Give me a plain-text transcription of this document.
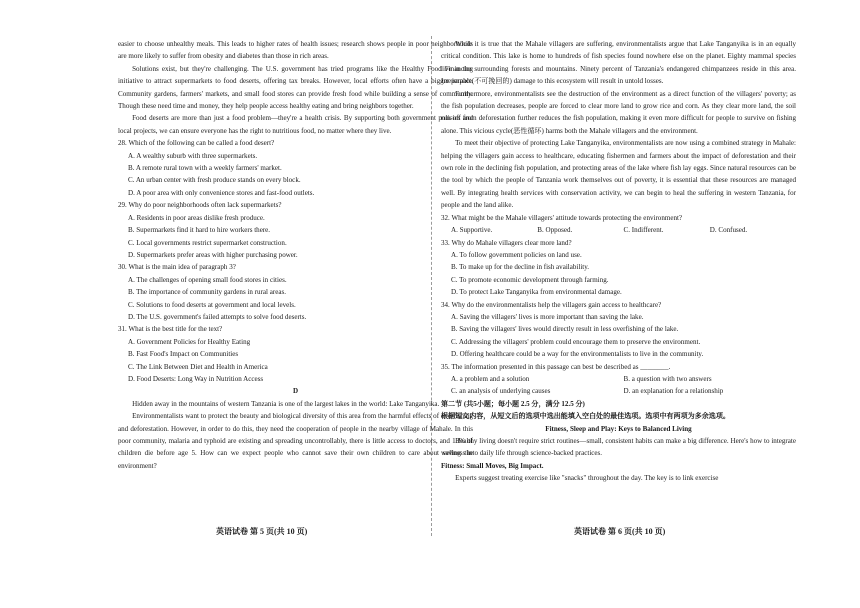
easier to choose unhealthy meals. This leads to higher rates of health issues; research shows people in poor neighborhoods are more likely to suffer from obesity and diabetes than those in rich areas.
Solutions exist, but they're challenging. The U.S. government has tried programs like the Healthy Food Financing initiative to attract supermarkets to food deserts, offering tax breaks. However, local efforts often have a bigger impact. Community gardens, farmers' markets, and small food stores can provide fresh food while building a sense of community. Though these need time and money, they help people access healthy eating and bring neighbors together.
Food deserts are more than just a food problem—they're a health crisis. By supporting both government policies and local projects, we can ensure everyone has the right to nutritious food, no matter where they live.
28. Which of the following can be called a food desert?
A. A wealthy suburb with three supermarkets.
B. A remote rural town with a weekly farmers' market.
C. An urban center with fresh produce stands on every block.
D. A poor area with only convenience stores and fast-food outlets.
29. Why do poor neighborhoods often lack supermarkets?
A. Residents in poor areas dislike fresh produce.
B. Supermarkets find it hard to hire workers there.
C. Local governments restrict supermarket construction.
D. Supermarkets prefer areas with higher purchasing power.
30. What is the main idea of paragraph 3?
A. The challenges of opening small food stores in cities.
B. The importance of community gardens in rural areas.
C. Solutions to food deserts at government and local levels.
D. The U.S. government's failed attempts to solve food deserts.
31. What is the best title for the text?
A. Government Policies for Healthy Eating
B. Fast Food's Impact on Communities
C. The Link Between Diet and Health in America
D. Food Deserts: Long Way in Nutrition Access
D
Hidden away in the mountains of western Tanzania is one of the largest lakes in the world: Lake Tanganyika.
Environmentalists want to protect the beauty and biological diversity of this area from the harmful effects of overfishing and deforestation. However, in order to do this, they need the cooperation of people in the nearby village of Mahale. In this poor community, malaria and typhoid are existing and spreading uncontrollably, there is little access to doctors, and 13% of children die before age 5. How can we expect people who cannot save their own children to care about saving the environment?
While it is true that the Mahale villagers are suffering, environmentalists argue that Lake Tanganyika is in an equally critical condition. This lake is home to hundreds of fish species found nowhere else on the planet. Eighty mammal species live in the surrounding forests and mountains. Ninety percent of Tanzania's endangered chimpanzees reside in this area. Irreparable(不可挽回的) damage to this ecosystem will result in untold losses.
Furthermore, environmentalists see the destruction of the environment as a direct function of the villagers' poverty; as the fish population decreases, people are forced to clear more land to grow rice and corn. As they clear more land, the soil run-off from deforestation further reduces the fish population, making it even more difficult for people to survive on fishing alone. This vicious cycle(恶性循环) harms both the Mahale villagers and the environment.
To meet their objective of protecting Lake Tanganyika, environmentalists are now using a combined strategy in Mahale: helping the villagers gain access to healthcare, educating fishermen and farmers about the impact of deforestation and their own role in the declining fish population, and protecting areas of the lake where fish lay eggs. Since natural resources can be the tool by which the people of Tanzania work themselves out of poverty, it is essential that these resources are managed well. By integrating health services with conservation activity, we can begin to heal the suffering in western Tanzania, for people and the land alike.
32. What might be the Mahale villagers' attitude towards protecting the environment?
A. Supportive.	B. Opposed.	C. Indifferent.	D. Confused.
33. Why do Mahale villagers clear more land?
A. To follow government policies on land use.
B. To make up for the decline in fish availability.
C. To promote economic development through farming.
D. To protect Lake Tanganyika from environmental damage.
34. Why do the environmentalists help the villagers gain access to healthcare?
A. Saving the villagers' lives is more important than saving the lake.
B. Saving the villagers' lives would directly result in less overfishing of the lake.
C. Addressing the villagers' problem could encourage them to preserve the environment.
D. Offering healthcare could be a way for the environmentalists to live in the community.
35. The information presented in this passage can best be described as ________.
A. a problem and a solution	B. a question with two answers
C. an analysis of underlying causes	D. an explanation for a relationship
第二节 (共5小题；每小题 2.5 分，满分 12.5 分)
根据短文内容，从短文后的选项中选出能填入空白处的最佳选项。选项中有两项为多余选项。
Fitness, Sleep and Play: Keys to Balanced Living
Healthy living doesn't require strict routines—small, consistent habits can make a big difference. Here's how to integrate wellness into daily life through science-backed practices.
Fitness: Small Moves, Big Impact.
Experts suggest treating exercise like "snacks" throughout the day. The key is to link exercise
英语试卷 第 5 页(共 10 页)	英语试卷 第 6 页(共 10 页)
